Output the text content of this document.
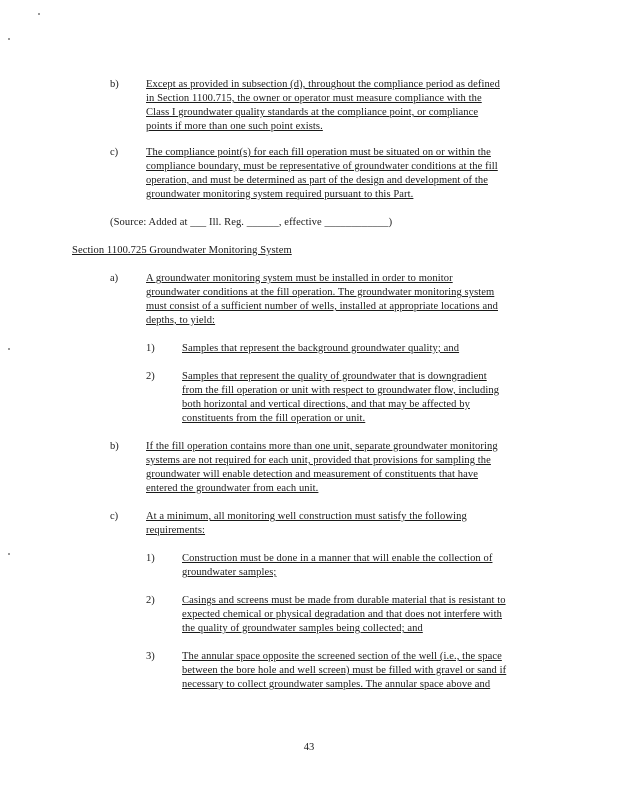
b)	Except as provided in subsection (d), throughout the compliance period as defined
in Section 1100.715, the owner or operator must measure compliance with the
Class I groundwater quality standards at the compliance point, or compliance
points if more than one such point exists.
c)	The compliance point(s) for each fill operation must be situated on or within the
compliance boundary, must be representative of groundwater conditions at the fill
operation, and must be determined as part of the design and development of the
groundwater monitoring system required pursuant to this Part.
(Source: Added at ___ Ill. Reg. ______, effective ____________)
Section 1100.725 Groundwater Monitoring System
a)	A groundwater monitoring system must be installed in order to monitor
groundwater conditions at the fill operation. The groundwater monitoring system
must consist of a sufficient number of wells, installed at appropriate locations and
depths, to yield:
1)	Samples that represent the background groundwater quality; and
2)	Samples that represent the quality of groundwater that is downgradient
from the fill operation or unit with respect to groundwater flow, including
both horizontal and vertical directions, and that may be affected by
constituents from the fill operation or unit.
b)	If the fill operation contains more than one unit, separate groundwater monitoring
systems are not required for each unit, provided that provisions for sampling the
groundwater will enable detection and measurement of constituents that have
entered the groundwater from each unit.
c)	At a minimum, all monitoring well construction must satisfy the following
requirements:
1)	Construction must be done in a manner that will enable the collection of
groundwater samples;
2)	Casings and screens must be made from durable material that is resistant to
expected chemical or physical degradation and that does not interfere with
the quality of groundwater samples being collected; and
3)	The annular space opposite the screened section of the well (i.e., the space
between the bore hole and well screen) must be filled with gravel or sand if
necessary to collect groundwater samples. The annular space above and
43
